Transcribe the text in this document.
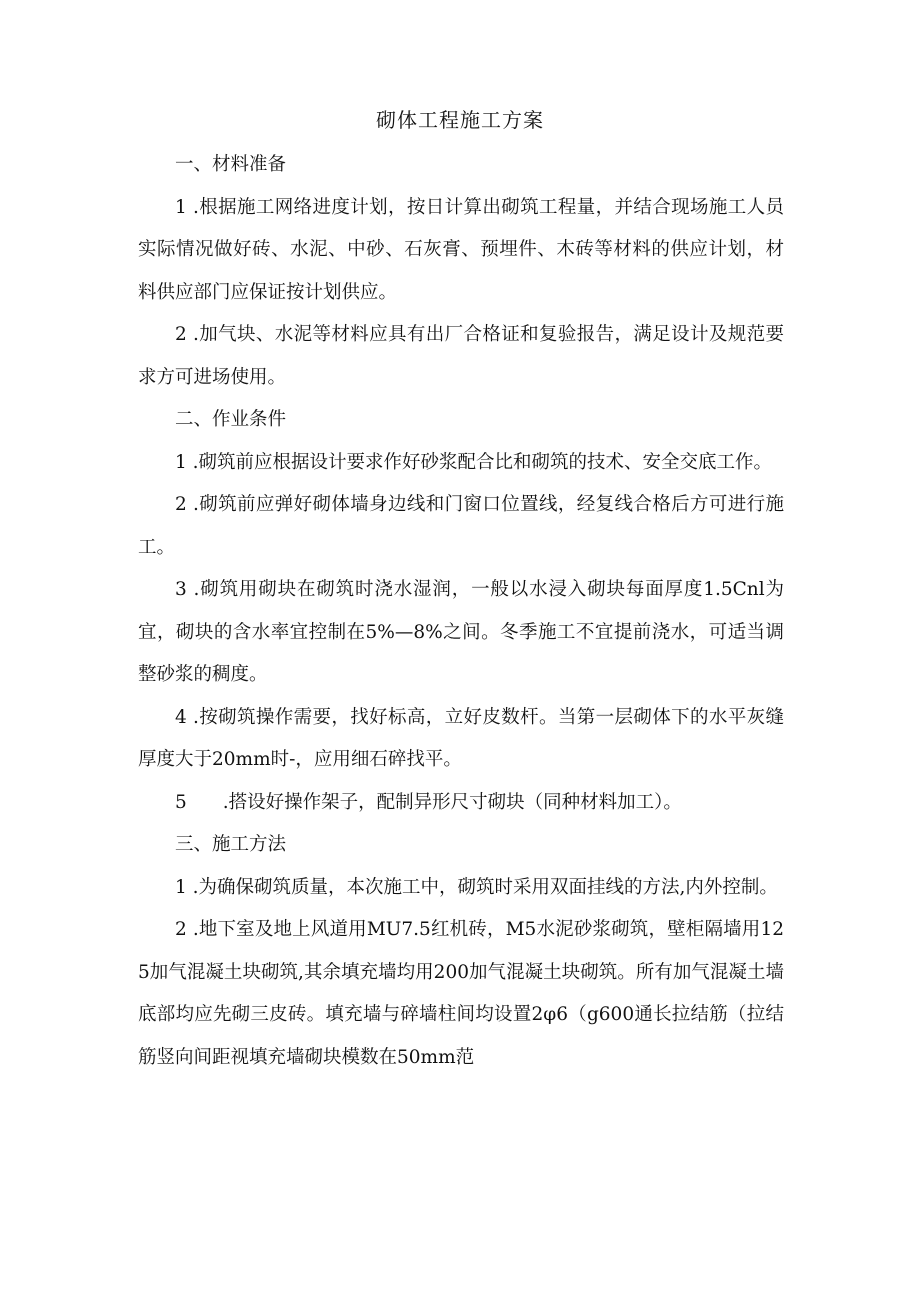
砌体工程施工方案

一、材料准备

1 .根据施工网络进度计划，按日计算出砌筑工程量，并结合现场施工人员实际情况做好砖、水泥、中砂、石灰膏、预埋件、木砖等材料的供应计划，材料供应部门应保证按计划供应。

2 .加气块、水泥等材料应具有出厂合格证和复验报告，满足设计及规范要求方可进场使用。

二、作业条件

1 .砌筑前应根据设计要求作好砂浆配合比和砌筑的技术、安全交底工作。

2 .砌筑前应弹好砌体墙身边线和门窗口位置线，经复线合格后方可进行施工。

3 .砌筑用砌块在砌筑时浇水湿润，一般以水浸入砌块每面厚度1.5Cnl为宜，砌块的含水率宜控制在5%—8%之间。冬季施工不宜提前浇水，可适当调整砂浆的稠度。

4 .按砌筑操作需要，找好标高，立好皮数杆。当第一层砌体下的水平灰缝厚度大于20mm时-，应用细石碎找平。

5 .搭设好操作架子，配制异形尺寸砌块（同种材料加工）。

三、施工方法

1 .为确保砌筑质量，本次施工中，砌筑时采用双面挂线的方法,内外控制。

2 .地下室及地上风道用MU7.5红机砖，M5水泥砂浆砌筑，壁柜隔墙用125加气混凝土块砌筑,其余填充墙均用200加气混凝土块砌筑。所有加气混凝土墙底部均应先砌三皮砖。填充墙与碎墙柱间均设置2φ6（g600通长拉结筋（拉结筋竖向间距视填充墙砌块模数在50mm范
